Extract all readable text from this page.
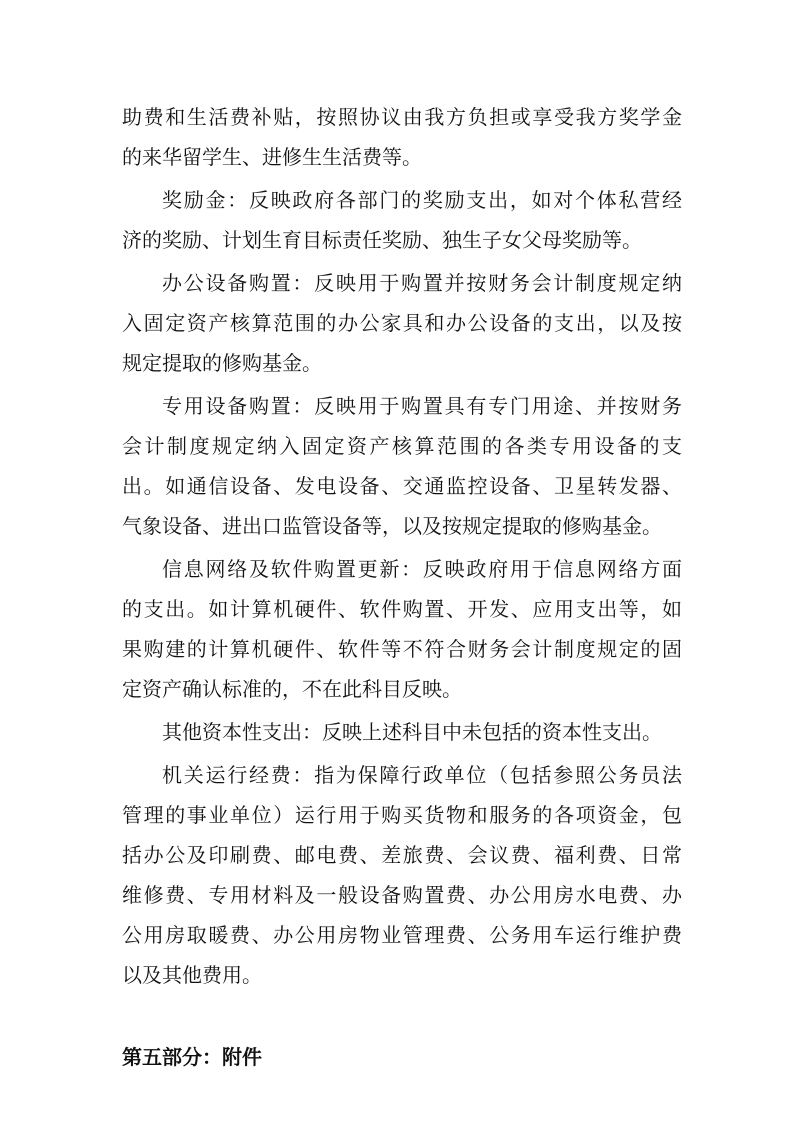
助费和生活费补贴，按照协议由我方负担或享受我方奖学金
的来华留学生、进修生生活费等。
奖励金：反映政府各部门的奖励支出，如对个体私营经
济的奖励、计划生育目标责任奖励、独生子女父母奖励等。
办公设备购置：反映用于购置并按财务会计制度规定纳
入固定资产核算范围的办公家具和办公设备的支出，以及按
规定提取的修购基金。
专用设备购置：反映用于购置具有专门用途、并按财务
会计制度规定纳入固定资产核算范围的各类专用设备的支
出。如通信设备、发电设备、交通监控设备、卫星转发器、
气象设备、进出口监管设备等，以及按规定提取的修购基金。
信息网络及软件购置更新：反映政府用于信息网络方面
的支出。如计算机硬件、软件购置、开发、应用支出等，如
果购建的计算机硬件、软件等不符合财务会计制度规定的固
定资产确认标准的，不在此科目反映。
其他资本性支出：反映上述科目中未包括的资本性支出。
机关运行经费：指为保障行政单位（包括参照公务员法
管理的事业单位）运行用于购买货物和服务的各项资金，包
括办公及印刷费、邮电费、差旅费、会议费、福利费、日常
维修费、专用材料及一般设备购置费、办公用房水电费、办
公用房取暖费、办公用房物业管理费、公务用车运行维护费
以及其他费用。
第五部分：附件
